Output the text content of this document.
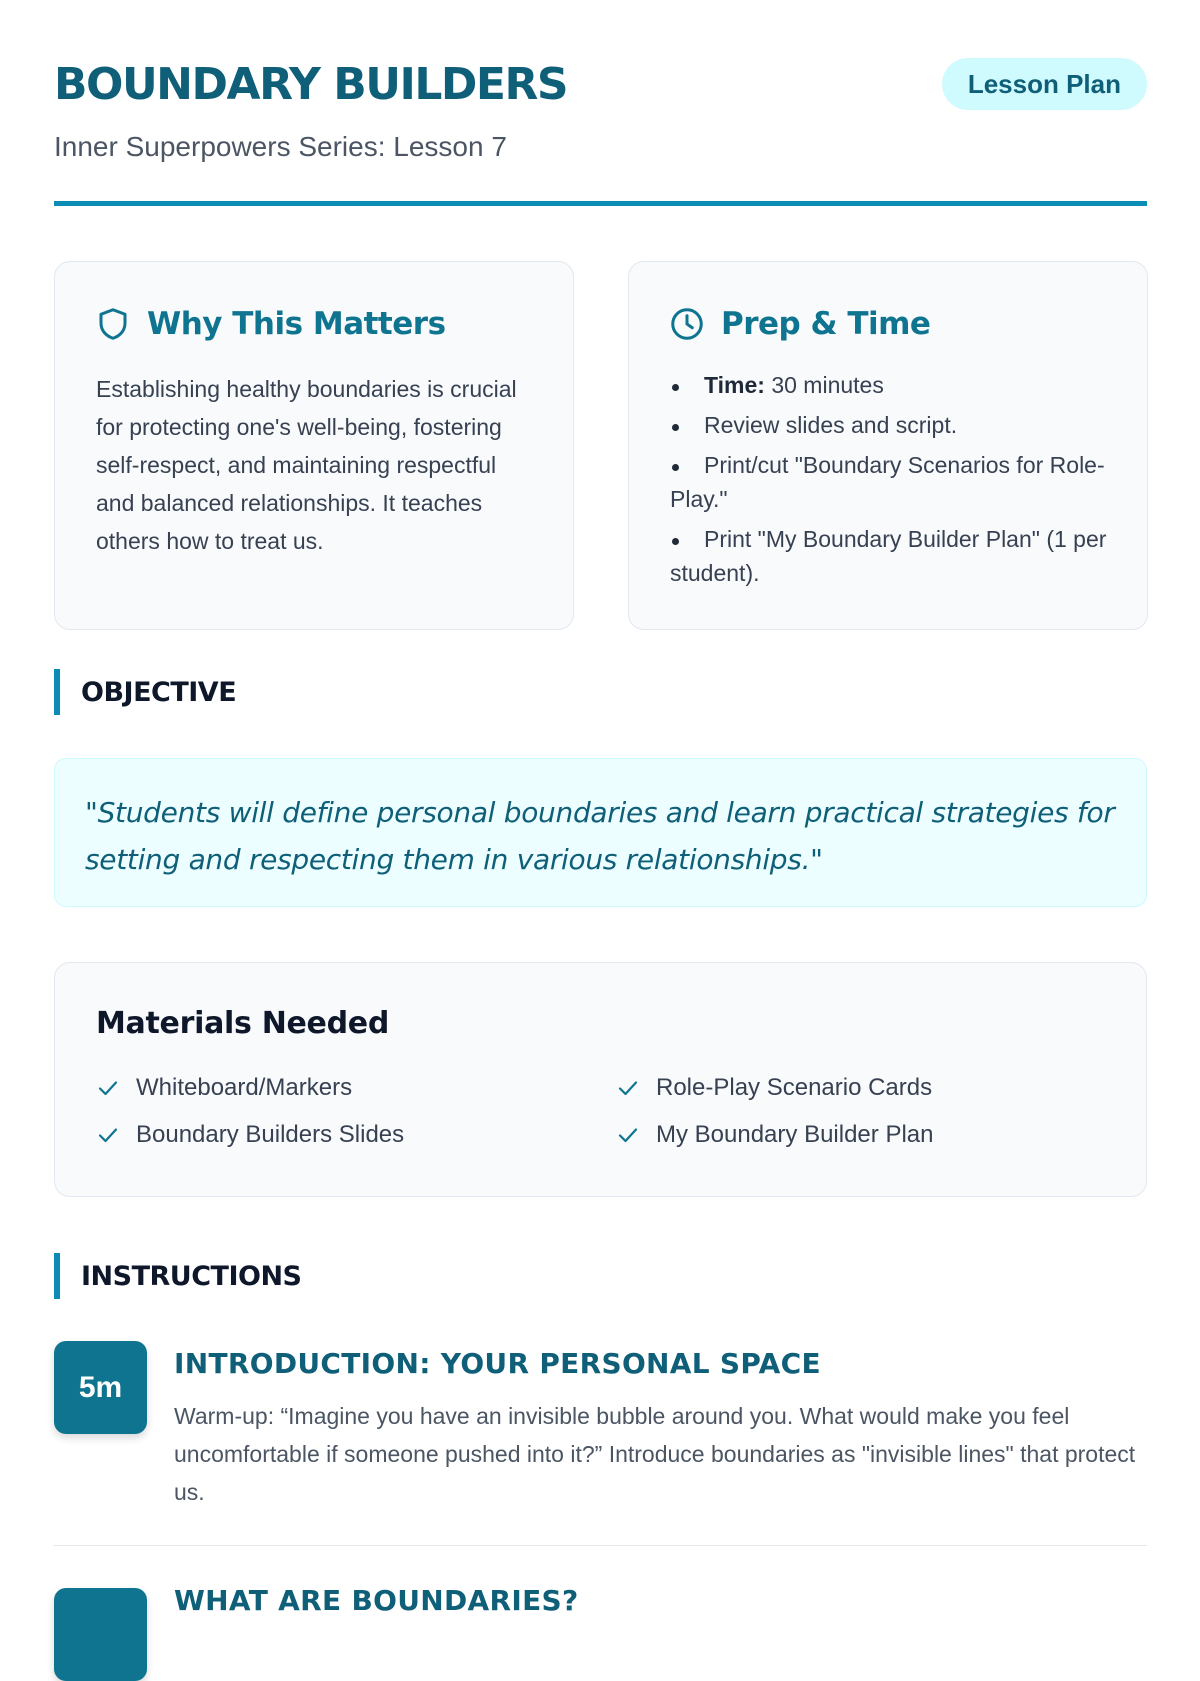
BOUNDARY BUILDERS
Inner Superpowers Series: Lesson 7
Lesson Plan
Why This Matters

Establishing healthy boundaries is crucial for protecting one's well-being, fostering self-respect, and maintaining respectful and balanced relationships. It teaches others how to treat us.

Prep & Time
Time: 30 minutes
Review slides and script.
Print/cut "Boundary Scenarios for Role-Play."
Print "My Boundary Builder Plan" (1 per student).
OBJECTIVE

"Students will define personal boundaries and learn practical strategies for setting and respecting them in various relationships."

Materials Needed
Whiteboard/Markers	Role-Play Scenario Cards
Boundary Builders Slides	My Boundary Builder Plan
INSTRUCTIONS
5m
INTRODUCTION: YOUR PERSONAL SPACE

Warm-up: “Imagine you have an invisible bubble around you. What would make you feel uncomfortable if someone pushed into it?” Introduce boundaries as "invisible lines" that protect us.

WHAT ARE BOUNDARIES?
